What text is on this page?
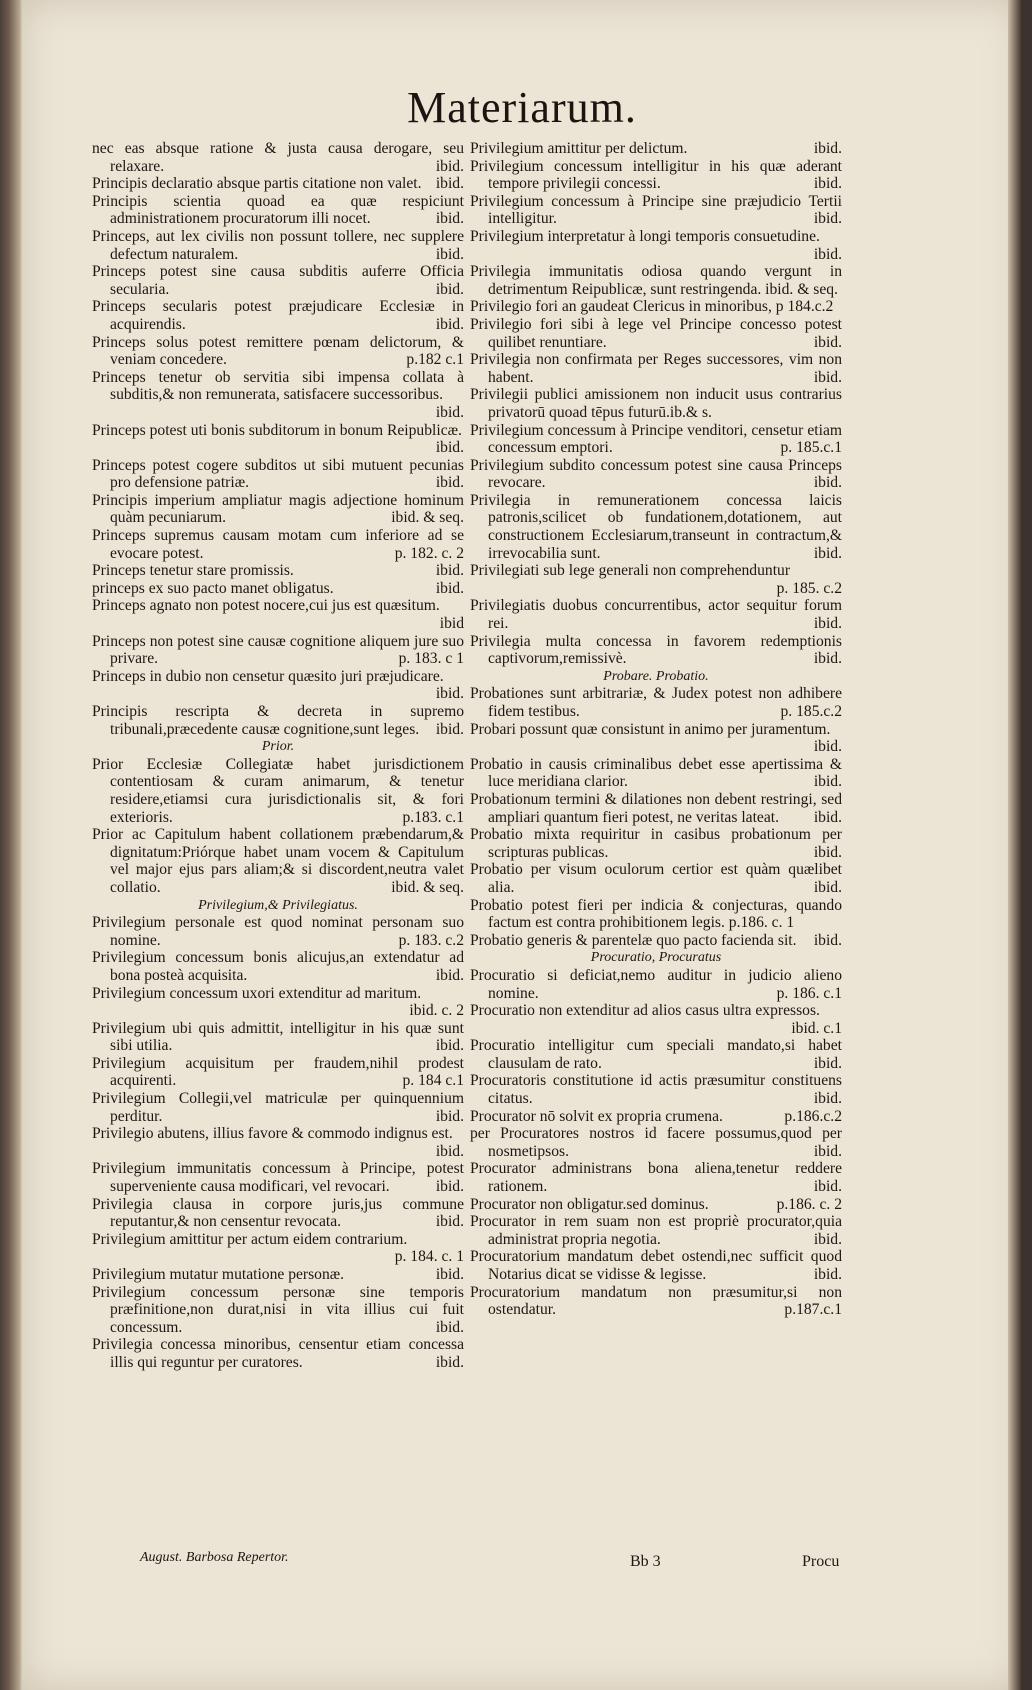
Materiarum.

nec eas absque ratione & justa causa derogare, seu relaxare.	ibid.

Principis declaratio absque partis citatione non valet. ibid.

Principis scientia quoad ea quæ respiciunt administrationem procuratorum illi nocet.	ibid.

Princeps, aut lex civilis non possunt tollere, nec supplere defectum naturalem.	ibid.

Princeps potest sine causa subditis auferre Officia secularia.	ibid.

Princeps secularis potest præjudicare Ecclesiæ in acquirendis.	ibid.

Princeps solus potest remittere pœnam delictorum, & veniam concedere.	p.182 c.1

Princeps tenetur ob servitia sibi impensa collata à subditis,& non remunerata, satisfacere successoribus.
ibid.

Princeps potest uti bonis subditorum in bonum Reipublicæ.
ibid.

Princeps potest cogere subditos ut sibi mutuent pecunias pro defensione patriæ.	ibid.

Principis imperium ampliatur magis adjectione hominum quàm pecuniarum.	ibid. & seq.

Princeps supremus causam motam cum inferiore ad se evocare potest.	p. 182. c. 2

Princeps tenetur stare promissis.	ibid.

princeps ex suo pacto manet obligatus.	ibid.

Princeps agnato non potest nocere,cui jus est quæsitum.
ibid

Princeps non potest sine causæ cognitione aliquem jure suo privare.	p. 183. c 1

Princeps in dubio non censetur quæsito juri præjudicare.
ibid.

Principis rescripta & decreta in supremo tribunali,præcedente causæ cognitione,sunt leges.	ibid.

Prior.

Prior Ecclesiæ Collegiatæ habet jurisdictionem contentiosam & curam animarum, & tenetur residere,etiamsi cura jurisdictionalis sit, & fori exterioris.	p.183. c.1

Prior ac Capitulum habent collationem præbendarum,& dignitatum:Priórque habet unam vocem & Capitulum vel major ejus pars aliam;& si discordent,neutra valet collatio.	ibid. & seq.

Privilegium,& Privilegiatus.

Privilegium personale est quod nominat personam suo nomine.	p. 183. c.2

Privilegium concessum bonis alicujus,an extendatur ad bona posteà acquisita.	ibid.

Privilegium concessum uxori extenditur ad maritum.
ibid. c. 2

Privilegium ubi quis admittit, intelligitur in his quæ sunt sibi utilia.	ibid.

Privilegium acquisitum per fraudem,nihil prodest acquirenti.	p. 184 c.1

Privilegium Collegii,vel matriculæ per quinquennium perditur.	ibid.

Privilegio abutens, illius favore & commodo indignus est.
ibid.

Privilegium immunitatis concessum à Principe, potest superveniente causa modificari, vel revocari.	ibid.

Privilegia clausa in corpore juris,jus commune reputantur,& non censentur revocata.	ibid.

Privilegium amittitur per actum eidem contrarium.
p. 184. c. 1

Privilegium mutatur mutatione personæ.	ibid.

Privilegium concessum personæ sine temporis præfinitione,non durat,nisi in vita illius cui fuit concessum.	ibid.

Privilegia concessa minoribus, censentur etiam concessa illis qui reguntur per curatores.	ibid.

Privilegium amittitur per delictum.	ibid.

Privilegium concessum intelligitur in his quæ aderant tempore privilegii concessi.	ibid.

Privilegium concessum à Principe sine præjudicio Tertii intelligitur.	ibid.

Privilegium interpretatur à longi temporis consuetudine.
ibid.

Privilegia immunitatis odiosa quando vergunt in detrimentum Reipublicæ, sunt restringenda. ibid. & seq.

Privilegio fori an gaudeat Clericus in minoribus, p 184.c.2

Privilegio fori sibi à lege vel Principe concesso potest quilibet renuntiare.	ibid.

Privilegia non confirmata per Reges successores, vim non habent.	ibid.

Privilegii publici amissionem non inducit usus contrarius privatorū quoad tēpus futurū.ib.& s.

Privilegium concessum à Principe venditori, censetur etiam concessum emptori.	p. 185.c.1

Privilegium subdito concessum potest sine causa Princeps revocare.	ibid.

Privilegia in remunerationem concessa laicis patronis,scilicet ob fundationem,dotationem, aut constructionem Ecclesiarum,transeunt in contractum,& irrevocabilia sunt.	ibid.

Privilegiati sub lege generali non comprehenduntur
p. 185. c.2

Privilegiatis duobus concurrentibus, actor sequitur forum rei.	ibid.

Privilegia multa concessa in favorem redemptionis captivorum,remissivè.	ibid.

Probare. Probatio.

Probationes sunt arbitrariæ, & Judex potest non adhibere fidem testibus.	p. 185.c.2

Probari possunt quæ consistunt in animo per juramentum.
ibid.

Probatio in causis criminalibus debet esse apertissima & luce meridiana clarior.	ibid.

Probationum termini & dilationes non debent restringi, sed ampliari quantum fieri potest, ne veritas lateat.	ibid.

Probatio mixta requiritur in casibus probationum per scripturas publicas.	ibid.

Probatio per visum oculorum certior est quàm quælibet alia.	ibid.

Probatio potest fieri per indicia & conjecturas, quando factum est contra prohibitionem legis. p.186. c. 1

Probatio generis & parentelæ quo pacto facienda sit.	ibid.

Procuratio, Procuratus

Procuratio si deficiat,nemo auditur in judicio alieno nomine.	p. 186. c.1

Procuratio non extenditur ad alios casus ultra expressos.
ibid. c.1

Procuratio intelligitur cum speciali mandato,si habet clausulam de rato.	ibid.

Procuratoris constitutione id actis præsumitur constituens citatus.	ibid.

Procurator nō solvit ex propria crumena.	p.186.c.2

per Procuratores nostros id facere possumus,quod per nosmetipsos.	ibid.

Procurator administrans bona aliena,tenetur reddere rationem.	ibid.

Procurator non obligatur.sed dominus.	p.186. c. 2

Procurator in rem suam non est propriè procurator,quia administrat propria negotia.	ibid.

Procuratorium mandatum debet ostendi,nec sufficit quod Notarius dicat se vidisse & legisse.	ibid.

Procuratorium mandatum non præsumitur,si non ostendatur.	p.187.c.1

August. Barbosa Repertor.	Bb 3	Procu
